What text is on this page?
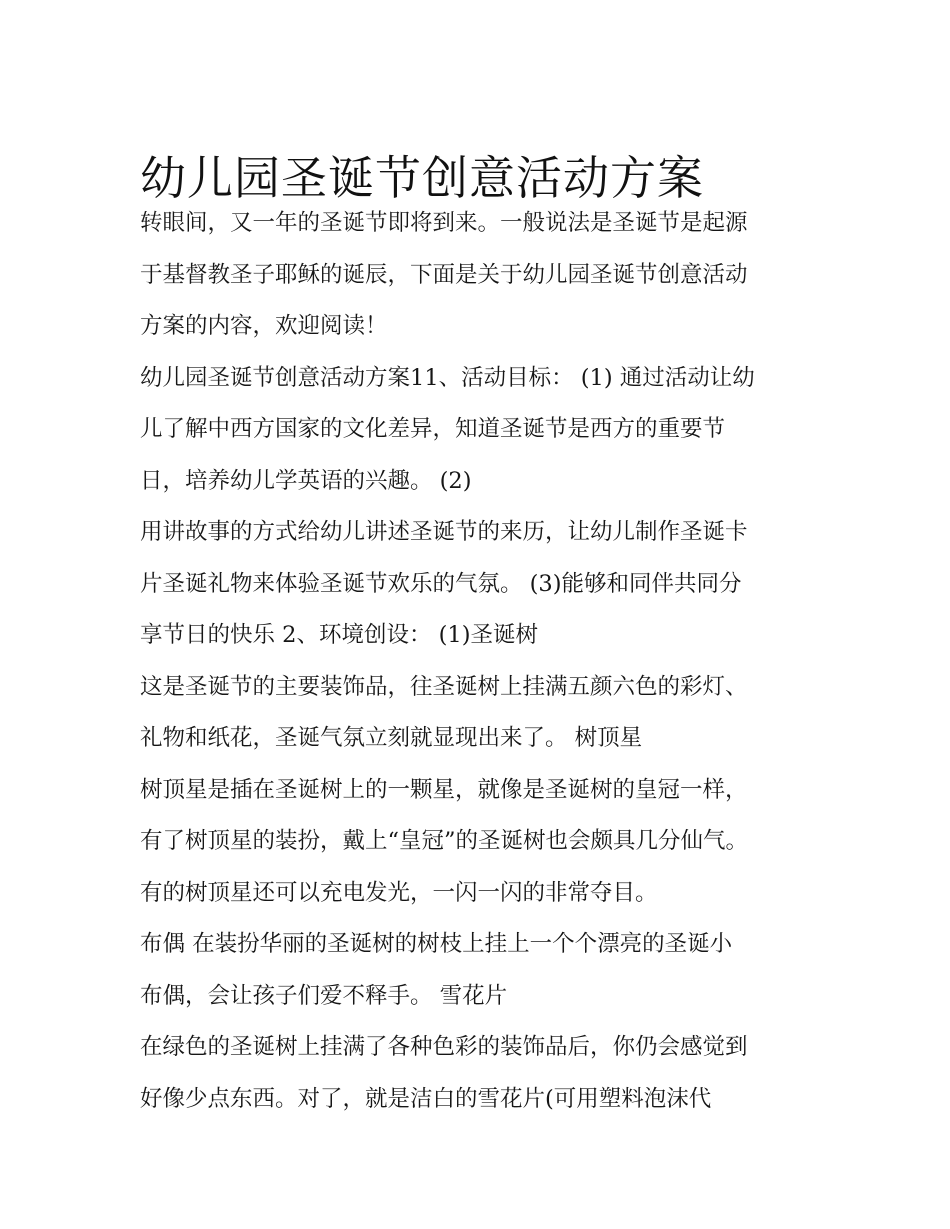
幼儿园圣诞节创意活动方案
转眼间，又一年的圣诞节即将到来。一般说法是圣诞节是起源
于基督教圣子耶稣的诞辰，下面是关于幼儿园圣诞节创意活动
方案的内容，欢迎阅读！
幼儿园圣诞节创意活动方案11、活动目标： (1) 通过活动让幼
儿了解中西方国家的文化差异，知道圣诞节是西方的重要节
日，培养幼儿学英语的兴趣。 (2)
用讲故事的方式给幼儿讲述圣诞节的来历，让幼儿制作圣诞卡
片圣诞礼物来体验圣诞节欢乐的气氛。 (3)能够和同伴共同分
享节日的快乐 2、环境创设： (1)圣诞树
这是圣诞节的主要装饰品，往圣诞树上挂满五颜六色的彩灯、
礼物和纸花，圣诞气氛立刻就显现出来了。 树顶星
树顶星是插在圣诞树上的一颗星，就像是圣诞树的皇冠一样，
有了树顶星的装扮，戴上“皇冠”的圣诞树也会颇具几分仙气。
有的树顶星还可以充电发光，一闪一闪的非常夺目。
布偶 在装扮华丽的圣诞树的树枝上挂上一个个漂亮的圣诞小
布偶，会让孩子们爱不释手。 雪花片
在绿色的圣诞树上挂满了各种色彩的装饰品后，你仍会感觉到
好像少点东西。对了，就是洁白的雪花片(可用塑料泡沫代
